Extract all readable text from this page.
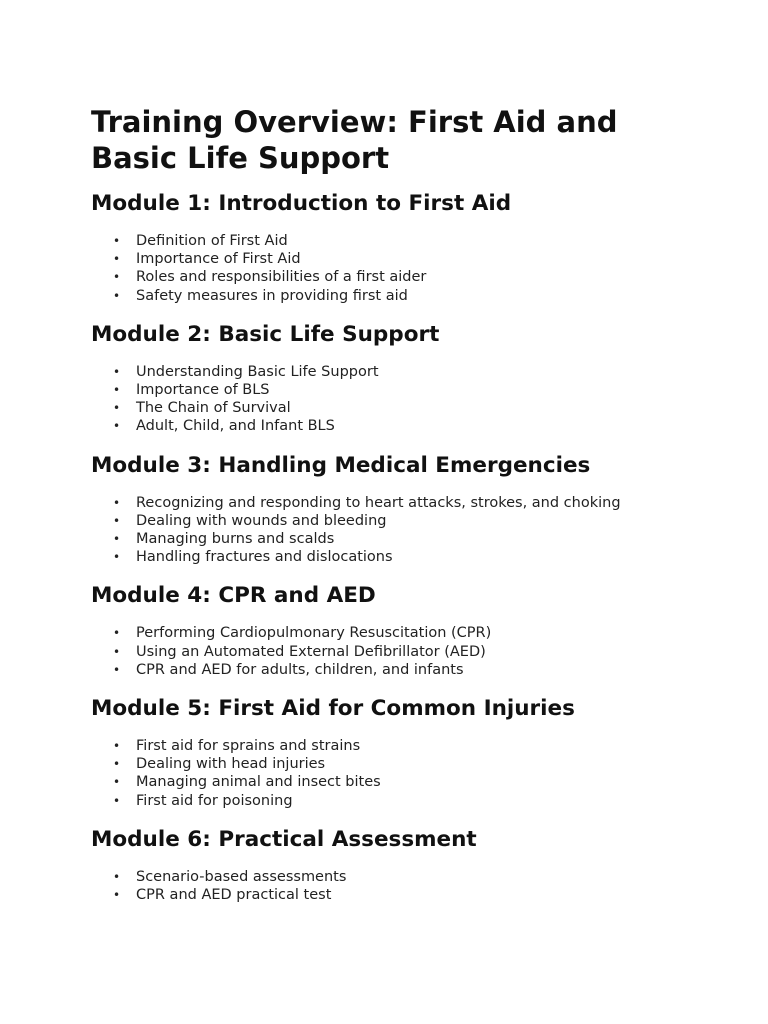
Training Overview: First Aid and Basic Life Support
Module 1: Introduction to First Aid
• Definition of First Aid
• Importance of First Aid
• Roles and responsibilities of a first aider
• Safety measures in providing first aid
Module 2: Basic Life Support
• Understanding Basic Life Support
• Importance of BLS
• The Chain of Survival
• Adult, Child, and Infant BLS
Module 3: Handling Medical Emergencies
• Recognizing and responding to heart attacks, strokes, and choking
• Dealing with wounds and bleeding
• Managing burns and scalds
• Handling fractures and dislocations
Module 4: CPR and AED
• Performing Cardiopulmonary Resuscitation (CPR)
• Using an Automated External Defibrillator (AED)
• CPR and AED for adults, children, and infants
Module 5: First Aid for Common Injuries
• First aid for sprains and strains
• Dealing with head injuries
• Managing animal and insect bites
• First aid for poisoning
Module 6: Practical Assessment
• Scenario-based assessments
• CPR and AED practical test
